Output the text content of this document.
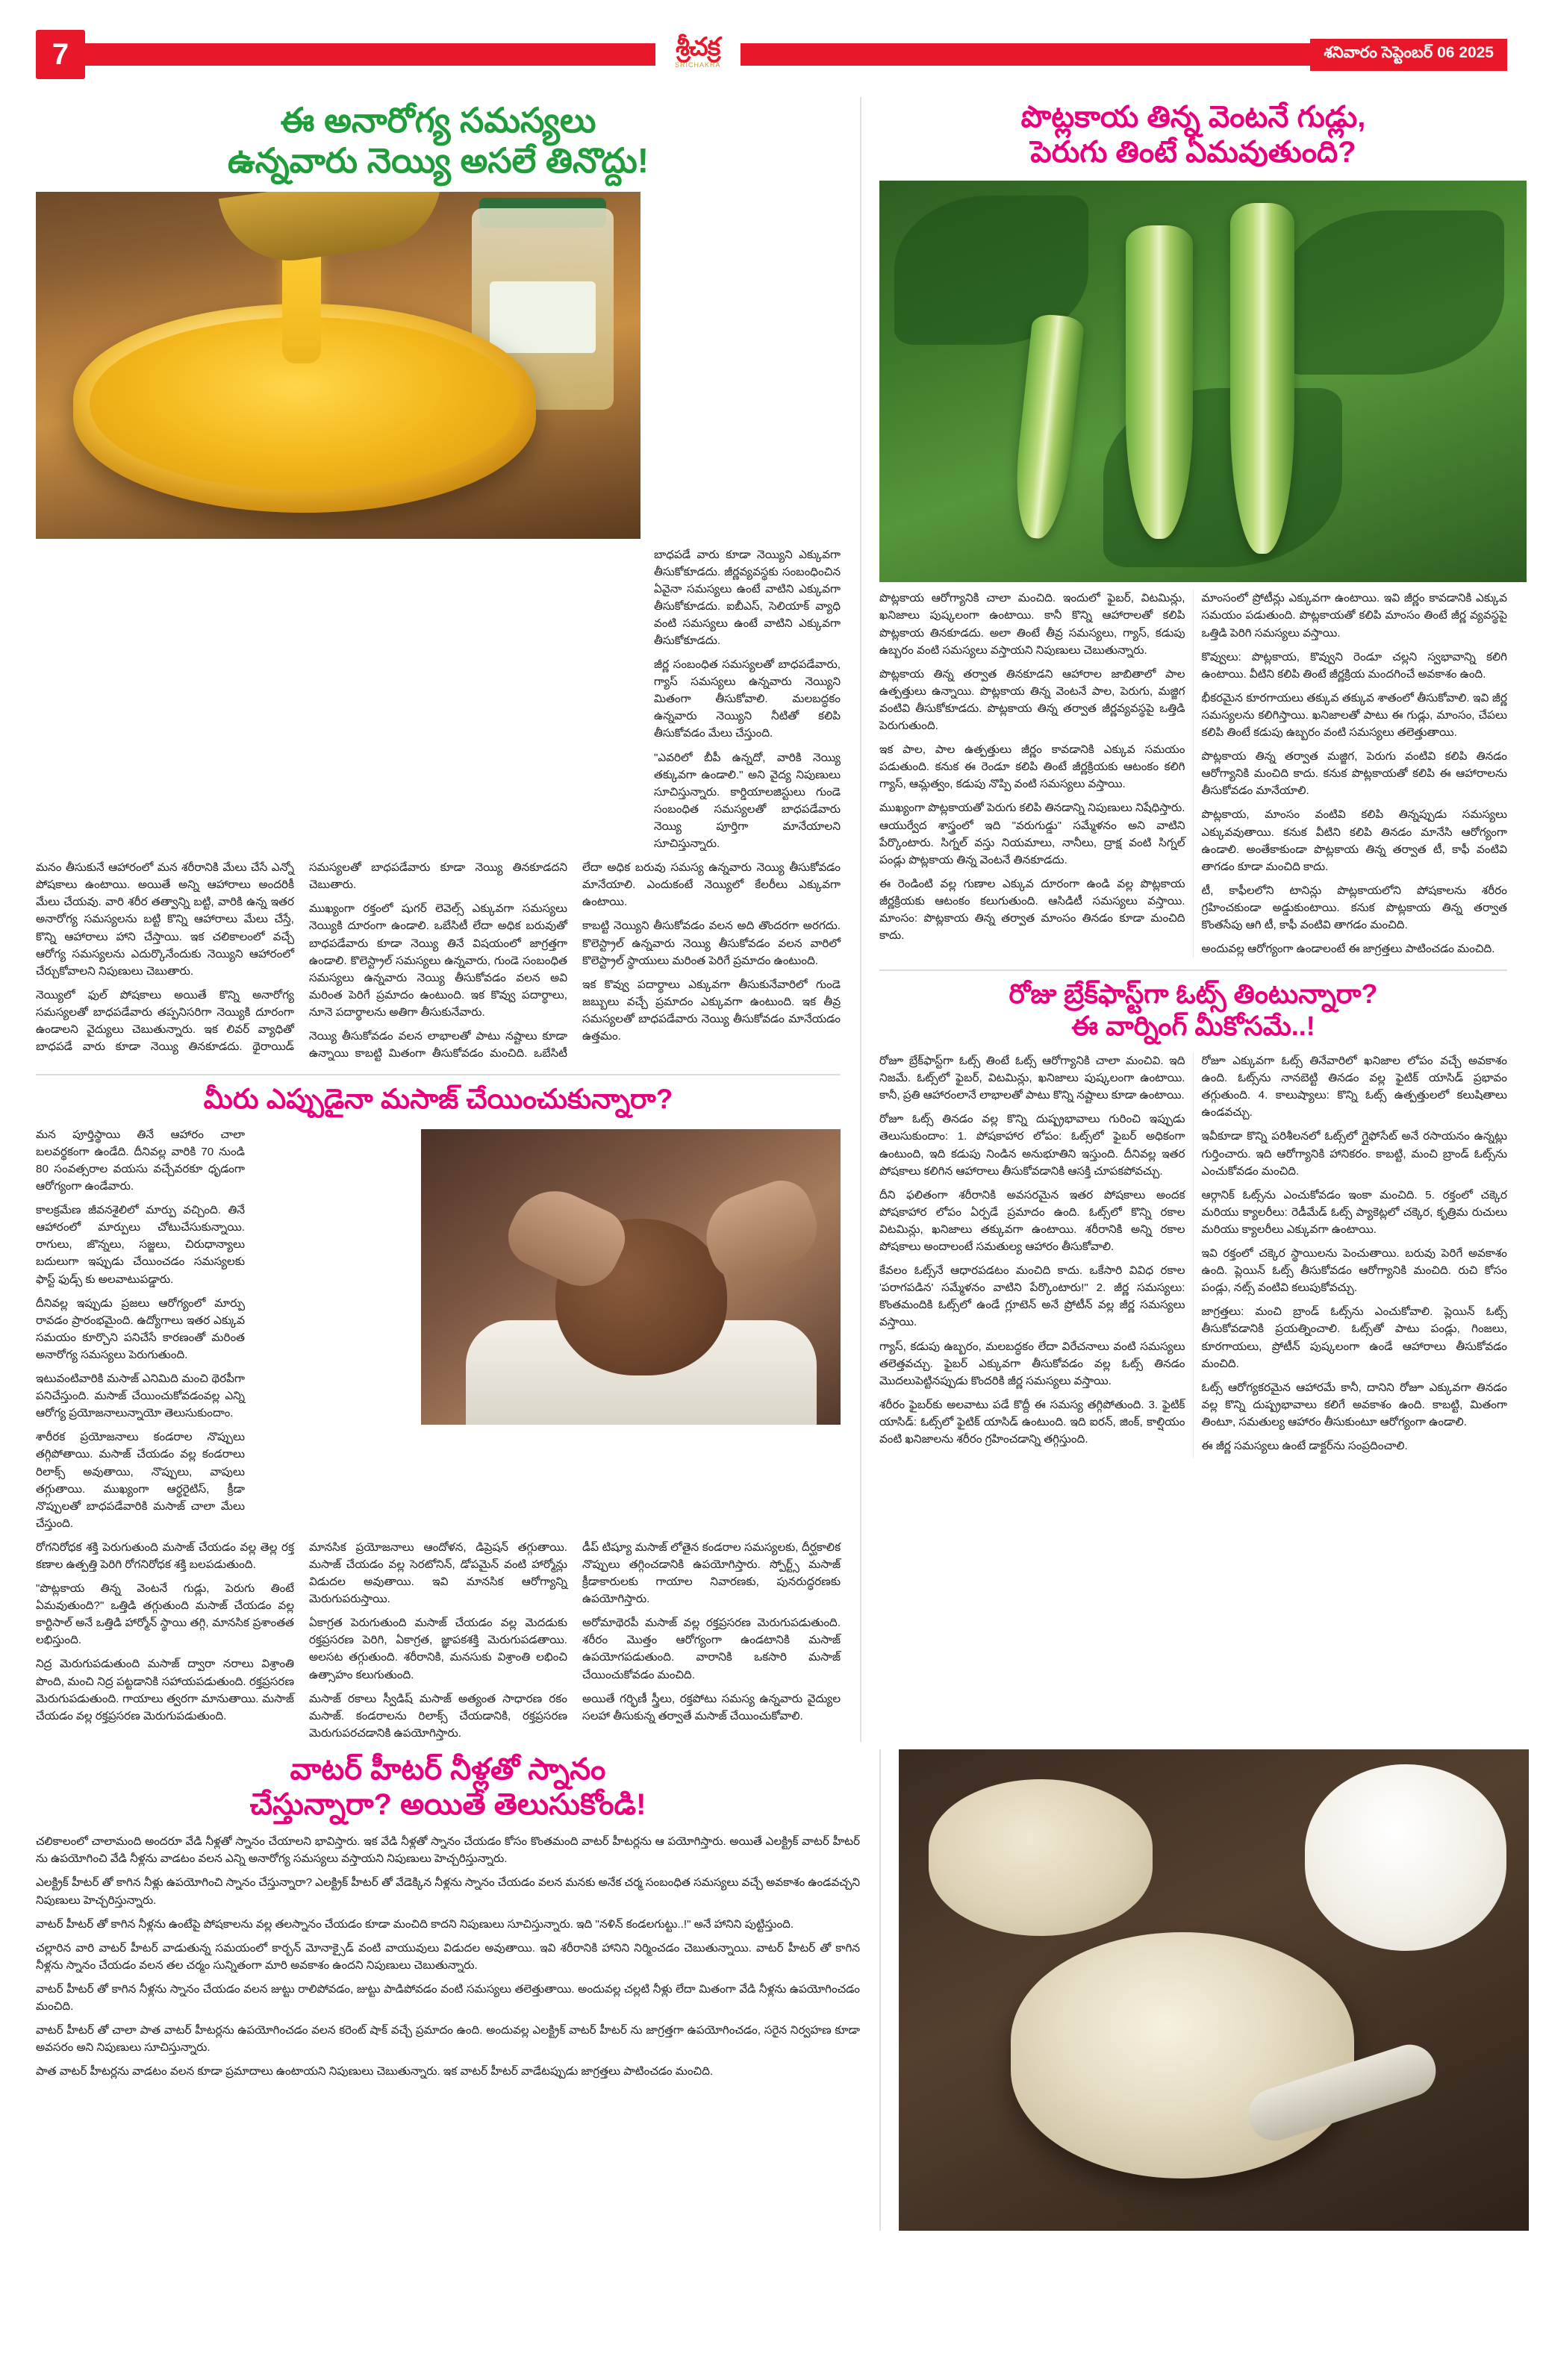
7	శ్రీచక్ర
SRICHAKRA
శనివారం సెప్టెంబర్ 06 2025
ఈ అనారోగ్య సమస్యలు
ఉన్నవారు నెయ్యి అసలే తినొద్దు!

బాధపడే వారు కూడా నెయ్యిని ఎక్కువగా తీసుకోకూడదు. జీర్ణవ్యవస్థకు సంబంధించిన ఏవైనా సమస్యలు ఉంటే వాటిని ఎక్కువగా తీసుకోకూడదు. ఐబీఎస్, సెలియాక్ వ్యాధి వంటి సమస్యలు ఉంటే వాటిని ఎక్కువగా తీసుకోకూడదు.

జీర్ణ సంబంధిత సమస్యలతో బాధపడేవారు, గ్యాస్ సమస్యలు ఉన్నవారు నెయ్యిని మితంగా తీసుకోవాలి. మలబద్ధకం ఉన్నవారు నెయ్యిని నీటితో కలిపి తీసుకోవడం మేలు చేస్తుంది.

"ఎవరిలో బీపీ ఉన్నదో, వారికి నెయ్యి తక్కువగా ఉండాలి." అని వైద్య నిపుణులు సూచిస్తున్నారు. కార్డియాలజిస్టులు గుండె సంబంధిత సమస్యలతో బాధపడేవారు నెయ్యి పూర్తిగా మానేయాలని సూచిస్తున్నారు.

మనం తీసుకునే ఆహారంలో మన శరీరానికి మేలు చేసే ఎన్నో పోషకాలు ఉంటాయి. అయితే అన్ని ఆహారాలు అందరికీ మేలు చేయవు. వారి శరీర తత్వాన్ని బట్టి, వారికి ఉన్న ఇతర అనారోగ్య సమస్యలను బట్టి కొన్ని ఆహారాలు మేలు చేస్తే, కొన్ని ఆహారాలు హాని చేస్తాయి. ఇక చలికాలంలో వచ్చే ఆరోగ్య సమస్యలను ఎదుర్కొనేందుకు నెయ్యిని ఆహారంలో చేర్చుకోవాలని నిపుణులు చెబుతారు.

నెయ్యిలో ఫుల్ పోషకాలు అయితే కొన్ని అనారోగ్య సమస్యలతో బాధపడేవారు తప్పనిసరిగా నెయ్యికి దూరంగా ఉండాలని వైద్యులు చెబుతున్నారు. ఇక లివర్ వ్యాధితో బాధపడే వారు కూడా నెయ్యి తినకూడదు. థైరాయిడ్ సమస్యలతో బాధపడేవారు కూడా నెయ్యి తినకూడదని చెబుతారు.

ముఖ్యంగా రక్తంలో షుగర్ లెవెల్స్ ఎక్కువగా సమస్యలు నెయ్యికి దూరంగా ఉండాలి. ఒబేసిటీ లేదా అధిక బరువుతో బాధపడేవారు కూడా నెయ్యి తినే విషయంలో జాగ్రత్తగా ఉండాలి. కొలెస్ట్రాల్ సమస్యలు ఉన్నవారు, గుండె సంబంధిత సమస్యలు ఉన్నవారు నెయ్యి తీసుకోవడం వలన అవి మరింత పెరిగే ప్రమాదం ఉంటుంది. ఇక కొవ్వు పదార్థాలు, నూనె పదార్థాలను అతిగా తీసుకునేవారు.

నెయ్యి తీసుకోవడం వలన లాభాలతో పాటు నష్టాలు కూడా ఉన్నాయి కాబట్టి మితంగా తీసుకోవడం మంచిది. ఒబేసిటీ లేదా అధిక బరువు సమస్య ఉన్నవారు నెయ్యి తీసుకోవడం మానేయాలి. ఎందుకంటే నెయ్యిలో కేలరీలు ఎక్కువగా ఉంటాయి.

కాబట్టి నెయ్యిని తీసుకోవడం వలన అది తొందరగా అరగదు. కొలెస్ట్రాల్ ఉన్నవారు నెయ్యి తీసుకోవడం వలన వారిలో కొలెస్ట్రాల్ స్థాయులు మరింత పెరిగే ప్రమాదం ఉంటుంది.

ఇక కొవ్వు పదార్థాలు ఎక్కువగా తీసుకునేవారిలో గుండె జబ్బులు వచ్చే ప్రమాదం ఎక్కువగా ఉంటుంది. ఇక తీవ్ర సమస్యలతో బాధపడేవారు నెయ్యి తీసుకోవడం మానేయడం ఉత్తమం.

మీరు ఎప్పుడైనా మసాజ్ చేయించుకున్నారా?

మన పూర్తిస్థాయి తినే ఆహారం చాలా బలవర్థకంగా ఉండేది. దీనివల్ల వారికి 70 నుండి 80 సంవత్సరాల వయసు వచ్చేవరకూ ధృడంగా ఆరోగ్యంగా ఉండేవారు.

కాలక్రమేణ జీవనశైలిలో మార్పు వచ్చింది. తినే ఆహారంలో మార్పులు చోటుచేసుకున్నాయి. రాగులు, జొన్నలు, సజ్జలు, చిరుధాన్యాలు బదులుగా ఇప్పుడు చేయించడం సమస్యలకు ఫాస్ట్ ఫుడ్స్ కు అలవాటుపడ్డారు.

దీనివల్ల ఇప్పుడు ప్రజలు ఆరోగ్యంలో మార్పు రావడం ప్రారంభమైంది. ఉద్యోగాలు ఇతర ఎక్కువ సమయం కూర్చొని పనిచేసే కారణంతో మరింత అనారోగ్య సమస్యలు పెరుగుతుంది.

ఇటువంటివారికి మసాజ్ ఎనిమిది మంచి థెరపీగా పనిచేస్తుంది. మసాజ్ చేయించుకోవడంవల్ల ఎన్ని ఆరోగ్య ప్రయోజనాలున్నాయో తెలుసుకుందాం.

శారీరక ప్రయోజనాలు కండరాల నొప్పులు తగ్గిపోతాయి. మసాజ్ చేయడం వల్ల కండరాలు రిలాక్స్ అవుతాయి, నొప్పులు, వాపులు తగ్గుతాయి. ముఖ్యంగా ఆర్థరైటిస్, క్రీడా నొప్పులతో బాధపడేవారికి మసాజ్ చాలా మేలు చేస్తుంది.

రోగనిరోధక శక్తి పెరుగుతుంది మసాజ్ చేయడం వల్ల తెల్ల రక్త కణాల ఉత్పత్తి పెరిగి రోగనిరోధక శక్తి బలపడుతుంది.

"పొట్లకాయ తిన్న వెంటనే గుడ్లు, పెరుగు తింటే ఏమవుతుంది?" ఒత్తిడి తగ్గుతుంది మసాజ్ చేయడం వల్ల కార్టిసాల్ అనే ఒత్తిడి హార్మోన్ స్థాయి తగ్గి, మానసిక ప్రశాంతత లభిస్తుంది.

నిద్ర మెరుగుపడుతుంది మసాజ్ ద్వారా నరాలు విశ్రాంతి పొంది, మంచి నిద్ర పట్టడానికి సహాయపడుతుంది. రక్తప్రసరణ మెరుగుపడుతుంది. గాయాలు త్వరగా మానుతాయి. మసాజ్ చేయడం వల్ల రక్తప్రసరణ మెరుగుపడుతుంది.

మానసిక ప్రయోజనాలు ఆందోళన, డిప్రెషన్ తగ్గుతాయి. మసాజ్ చేయడం వల్ల సెరటోనిన్, డోపమైన్ వంటి హార్మోన్లు విడుదల అవుతాయి. ఇవి మానసిక ఆరోగ్యాన్ని మెరుగుపరుస్తాయి.

ఏకాగ్రత పెరుగుతుంది మసాజ్ చేయడం వల్ల మెదడుకు రక్తప్రసరణ పెరిగి, ఏకాగ్రత, జ్ఞాపకశక్తి మెరుగుపడతాయి. అలసట తగ్గుతుంది. శరీరానికి, మనసుకు విశ్రాంతి లభించి ఉత్సాహం కలుగుతుంది.

మసాజ్ రకాలు స్వీడిష్ మసాజ్ అత్యంత సాధారణ రకం మసాజ్. కండరాలను రిలాక్స్ చేయడానికి, రక్తప్రసరణ మెరుగుపరచడానికి ఉపయోగిస్తారు.

డీప్ టిష్యూ మసాజ్ లోతైన కండరాల సమస్యలకు, దీర్ఘకాలిక నొప్పులు తగ్గించడానికి ఉపయోగిస్తారు. స్పోర్ట్స్ మసాజ్ క్రీడాకారులకు గాయాల నివారణకు, పునరుద్ధరణకు ఉపయోగిస్తారు.

అరోమాథెరపీ మసాజ్ వల్ల రక్తప్రసరణ మెరుగుపడుతుంది. శరీరం మొత్తం ఆరోగ్యంగా ఉండటానికి మసాజ్ ఉపయోగపడుతుంది. వారానికి ఒకసారి మసాజ్ చేయించుకోవడం మంచిది.

అయితే గర్భిణీ స్త్రీలు, రక్తపోటు సమస్య ఉన్నవారు వైద్యుల సలహా తీసుకున్న తర్వాతే మసాజ్ చేయించుకోవాలి.

పొట్లకాయ తిన్న వెంటనే గుడ్లు,
పెరుగు తింటే ఏమవుతుంది?

పొట్లకాయ ఆరోగ్యానికి చాలా మంచిది. ఇందులో ఫైబర్, విటమిన్లు, ఖనిజాలు పుష్కలంగా ఉంటాయి. కానీ కొన్ని ఆహారాలతో కలిపి పొట్లకాయ తినకూడదు. అలా తింటే తీవ్ర సమస్యలు, గ్యాస్, కడుపు ఉబ్బరం వంటి సమస్యలు వస్తాయని నిపుణులు చెబుతున్నారు.

పొట్లకాయ తిన్న తర్వాత తినకూడని ఆహారాల జాబితాలో పాల ఉత్పత్తులు ఉన్నాయి. పొట్లకాయ తిన్న వెంటనే పాల, పెరుగు, మజ్జిగ వంటివి తీసుకోకూడదు. పొట్లకాయ తిన్న తర్వాత జీర్ణవ్యవస్థపై ఒత్తిడి పెరుగుతుంది.

ఇక పాల, పాల ఉత్పత్తులు జీర్ణం కావడానికి ఎక్కువ సమయం పడుతుంది. కనుక ఈ రెండూ కలిపి తింటే జీర్ణక్రియకు ఆటంకం కలిగి గ్యాస్, ఆమ్లత్వం, కడుపు నొప్పి వంటి సమస్యలు వస్తాయి.

ముఖ్యంగా పొట్లకాయతో పెరుగు కలిపి తినడాన్ని నిపుణులు నిషేధిస్తారు. ఆయుర్వేద శాస్త్రంలో ఇది "వరుగుడ్డు" సమ్మేళనం అని వాటిని పేర్కొంటారు. సిగ్నల్ వస్తు నియమాలు, నానీలు, ద్రాక్ష వంటి సిగ్నల్ పండ్లు పొట్లకాయ తిన్న వెంటనే తినకూడదు.

ఈ రెండింటి వల్ల గుణాల ఎక్కువ దూరంగా ఉండి వల్ల పొట్లకాయ జీర్ణక్రియకు ఆటంకం కలుగుతుంది. ఆసిడిటీ సమస్యలు వస్తాయి. మాంసం: పొట్లకాయ తిన్న తర్వాత మాంసం తినడం కూడా మంచిది కాదు.

మాంసంలో ప్రోటీన్లు ఎక్కువగా ఉంటాయి. ఇవి జీర్ణం కావడానికి ఎక్కువ సమయం పడుతుంది. పొట్లకాయతో కలిపి మాంసం తింటే జీర్ణ వ్యవస్థపై ఒత్తిడి పెరిగి సమస్యలు వస్తాయి.

కొవ్వులు: పొట్లకాయ, కొవ్వుని రెండూ చల్లని స్వభావాన్ని కలిగి ఉంటాయి. వీటిని కలిపి తింటే జీర్ణక్రియ మందగించే అవకాశం ఉంది.

భీకరమైన కూరగాయలు తక్కువ తక్కువ శాతంలో తీసుకోవాలి. ఇవి జీర్ణ సమస్యలను కలిగిస్తాయి. ఖనిజాలతో పాటు ఈ గుడ్లు, మాంసం, చేపలు కలిపి తింటే కడుపు ఉబ్బరం వంటి సమస్యలు తలెత్తుతాయి.

పొట్లకాయ తిన్న తర్వాత మజ్జిగ, పెరుగు వంటివి కలిపి తినడం ఆరోగ్యానికి మంచిది కాదు. కనుక పొట్లకాయతో కలిపి ఈ ఆహారాలను తీసుకోవడం మానేయాలి.

పొట్లకాయ, మాంసం వంటివి కలిపి తిన్నప్పుడు సమస్యలు ఎక్కువవుతాయి. కనుక వీటిని కలిపి తినడం మానేసి ఆరోగ్యంగా ఉండాలి. అంతేకాకుండా పొట్లకాయ తిన్న తర్వాత టీ, కాఫీ వంటివి తాగడం కూడా మంచిది కాదు.

టీ, కాఫీలలోని టానిన్లు పొట్లకాయలోని పోషకాలను శరీరం గ్రహించకుండా అడ్డుకుంటాయి. కనుక పొట్లకాయ తిన్న తర్వాత కొంతసేపు ఆగి టీ, కాఫీ వంటివి తాగడం మంచిది.

అందువల్ల ఆరోగ్యంగా ఉండాలంటే ఈ జాగ్రత్తలు పాటించడం మంచిది.

రోజు బ్రేక్‌ఫాస్ట్‌గా ఓట్స్ తింటున్నారా?
ఈ వార్నింగ్ మీకోసమే..!

రోజూ బ్రేక్‌ఫాస్ట్‌గా ఓట్స్ తింటే ఓట్స్ ఆరోగ్యానికి చాలా మంచివి. ఇది నిజమే. ఓట్స్‌లో ఫైబర్, విటమిన్లు, ఖనిజాలు పుష్కలంగా ఉంటాయి. కానీ, ప్రతి ఆహారంలానే లాభాలతో పాటు కొన్ని నష్టాలు కూడా ఉంటాయి.

రోజూ ఓట్స్ తినడం వల్ల కొన్ని దుష్ప్రభావాలు గురించి ఇప్పుడు తెలుసుకుందాం: 1. పోషకాహార లోపం: ఓట్స్‌లో ఫైబర్ అధికంగా ఉంటుంది, ఇది కడుపు నిండిన అనుభూతిని ఇస్తుంది. దీనివల్ల ఇతర పోషకాలు కలిగిన ఆహారాలు తీసుకోవడానికి ఆసక్తి చూపకపోవచ్చు.

దీని ఫలితంగా శరీరానికి అవసరమైన ఇతర పోషకాలు అందక పోషకాహార లోపం ఏర్పడే ప్రమాదం ఉంది. ఓట్స్‌లో కొన్ని రకాల విటమిన్లు, ఖనిజాలు తక్కువగా ఉంటాయి. శరీరానికి అన్ని రకాల పోషకాలు అందాలంటే సమతుల్య ఆహారం తీసుకోవాలి.

కేవలం ఓట్స్‌నే ఆధారపడటం మంచిది కాదు. ఒకేసారి వివిధ రకాల 'పరాగపడిన' సమ్మేళనం వాటిని పేర్కొంటారు!" 2. జీర్ణ సమస్యలు: కొంతమందికి ఓట్స్‌లో ఉండే గ్లూటెన్ అనే ప్రోటీన్ వల్ల జీర్ణ సమస్యలు వస్తాయి.

గ్యాస్, కడుపు ఉబ్బరం, మలబద్ధకం లేదా విరేచనాలు వంటి సమస్యలు తలెత్తవచ్చు. ఫైబర్ ఎక్కువగా తీసుకోవడం వల్ల ఓట్స్ తినడం మొదలుపెట్టినప్పుడు కొందరికి జీర్ణ సమస్యలు వస్తాయి.

శరీరం ఫైబర్‌కు అలవాటు పడే కొద్దీ ఈ సమస్య తగ్గిపోతుంది. 3. ఫైటిక్ యాసిడ్: ఓట్స్‌లో ఫైటిక్ యాసిడ్ ఉంటుంది. ఇది ఐరన్, జింక్, కాల్షియం వంటి ఖనిజాలను శరీరం గ్రహించడాన్ని తగ్గిస్తుంది.

రోజూ ఎక్కువగా ఓట్స్ తినేవారిలో ఖనిజాల లోపం వచ్చే అవకాశం ఉంది. ఓట్స్‌ను నానబెట్టి తినడం వల్ల ఫైటిక్ యాసిడ్ ప్రభావం తగ్గుతుంది. 4. కాలుష్యాలు: కొన్ని ఓట్స్ ఉత్పత్తులలో కలుషితాలు ఉండవచ్చు.

ఇవీకూడా కొన్ని పరిశీలనలో ఓట్స్‌లో గ్లైఫోసేట్ అనే రసాయనం ఉన్నట్లు గుర్తించారు. ఇది ఆరోగ్యానికి హానికరం. కాబట్టి, మంచి బ్రాండ్ ఓట్స్‌ను ఎంచుకోవడం మంచిది.

ఆర్గానిక్ ఓట్స్‌ను ఎంచుకోవడం ఇంకా మంచిది. 5. రక్తంలో చక్కెర మరియు క్యాలరీలు: రెడీమేడ్ ఓట్స్ ప్యాకెట్లలో చక్కెర, కృత్రిమ రుచులు మరియు క్యాలరీలు ఎక్కువగా ఉంటాయి.

ఇవి రక్తంలో చక్కెర స్థాయిలను పెంచుతాయి. బరువు పెరిగే అవకాశం ఉంది. ప్లెయిన్ ఓట్స్ తీసుకోవడం ఆరోగ్యానికి మంచిది. రుచి కోసం పండ్లు, నట్స్ వంటివి కలుపుకోవచ్చు.

జాగ్రత్తలు: మంచి బ్రాండ్ ఓట్స్‌ను ఎంచుకోవాలి. ప్లెయిన్ ఓట్స్ తీసుకోవడానికి ప్రయత్నించాలి. ఓట్స్‌తో పాటు పండ్లు, గింజలు, కూరగాయలు, ప్రోటీన్ పుష్కలంగా ఉండే ఆహారాలు తీసుకోవడం మంచిది.

ఓట్స్ ఆరోగ్యకరమైన ఆహారమే కానీ, దానిని రోజూ ఎక్కువగా తినడం వల్ల కొన్ని దుష్ప్రభావాలు కలిగే అవకాశం ఉంది. కాబట్టి, మితంగా తింటూ, సమతుల్య ఆహారం తీసుకుంటూ ఆరోగ్యంగా ఉండాలి.

ఈ జీర్ణ సమస్యలు ఉంటే డాక్టర్‌ను సంప్రదించాలి.

వాటర్ హీటర్ నీళ్లతో స్నానం
చేస్తున్నారా? అయితే తెలుసుకోండి!

చలికాలంలో చాలామంది అందరూ వేడి నీళ్లతో స్నానం చేయాలని భావిస్తారు. ఇక వేడి నీళ్లతో స్నానం చేయడం కోసం కొంతమంది వాటర్ హీటర్లను ఆ పయోగిస్తారు. అయితే ఎలక్ట్రిక్ వాటర్ హీటర్ ను ఉపయోగించి వేడి నీళ్లను వాడటం వలన ఎన్ని అనారోగ్య సమస్యలు వస్తాయని నిపుణులు హెచ్చరిస్తున్నారు.

ఎలక్ట్రిక్ హీటర్ తో కాగిన నీళ్లు ఉపయోగించి స్నానం చేస్తున్నారా? ఎలక్ట్రిక్ హీటర్ తో వేడెక్కిన నీళ్లను స్నానం చేయడం వలన మనకు అనేక చర్మ సంబంధిత సమస్యలు వచ్చే అవకాశం ఉండవచ్చని నిపుణులు హెచ్చరిస్తున్నారు.

వాటర్ హీటర్ తో కాగిన నీళ్లను ఉంటేపై పోషకాలను వల్ల తలస్నానం చేయడం కూడా మంచిది కాదని నిపుణులు సూచిస్తున్నారు. ఇది "నళిన్ కండలగుట్టు..!" అనే హానిని పుట్టిస్తుంది.

చల్లారిన వారి వాటర్ హీటర్ వాడుతున్న సమయంలో కార్బన్ మోనాక్సైడ్ వంటి వాయువులు విడుదల అవుతాయి. ఇవి శరీరానికి హానిని నిర్మించడం చెబుతున్నాయి. వాటర్ హీటర్ తో కాగిన నీళ్లను స్నానం చేయడం వలన తల చర్మం సున్నితంగా మారి అవకాశం ఉందని నిపుణులు చెబుతున్నారు.

వాటర్ హీటర్ తో కాగిన నీళ్లను స్నానం చేయడం వలన జుట్టు రాలిపోవడం, జుట్టు పాడిపోవడం వంటి సమస్యలు తలెత్తుతాయి. అందువల్ల చల్లటి నీళ్లు లేదా మితంగా వేడి నీళ్లను ఉపయోగించడం మంచిది.

వాటర్ హీటర్ తో చాలా పాత వాటర్ హీటర్లను ఉపయోగించడం వలన కరెంట్ షాక్ వచ్చే ప్రమాదం ఉంది. అందువల్ల ఎలక్ట్రిక్ వాటర్ హీటర్ ను జాగ్రత్తగా ఉపయోగించడం, సరైన నిర్వహణ కూడా అవసరం అని నిపుణులు సూచిస్తున్నారు.

పాత వాటర్ హీటర్లను వాడటం వలన కూడా ప్రమాదాలు ఉంటాయని నిపుణులు చెబుతున్నారు. ఇక వాటర్ హీటర్ వాడేటప్పుడు జాగ్రత్తలు పాటించడం మంచిది.
